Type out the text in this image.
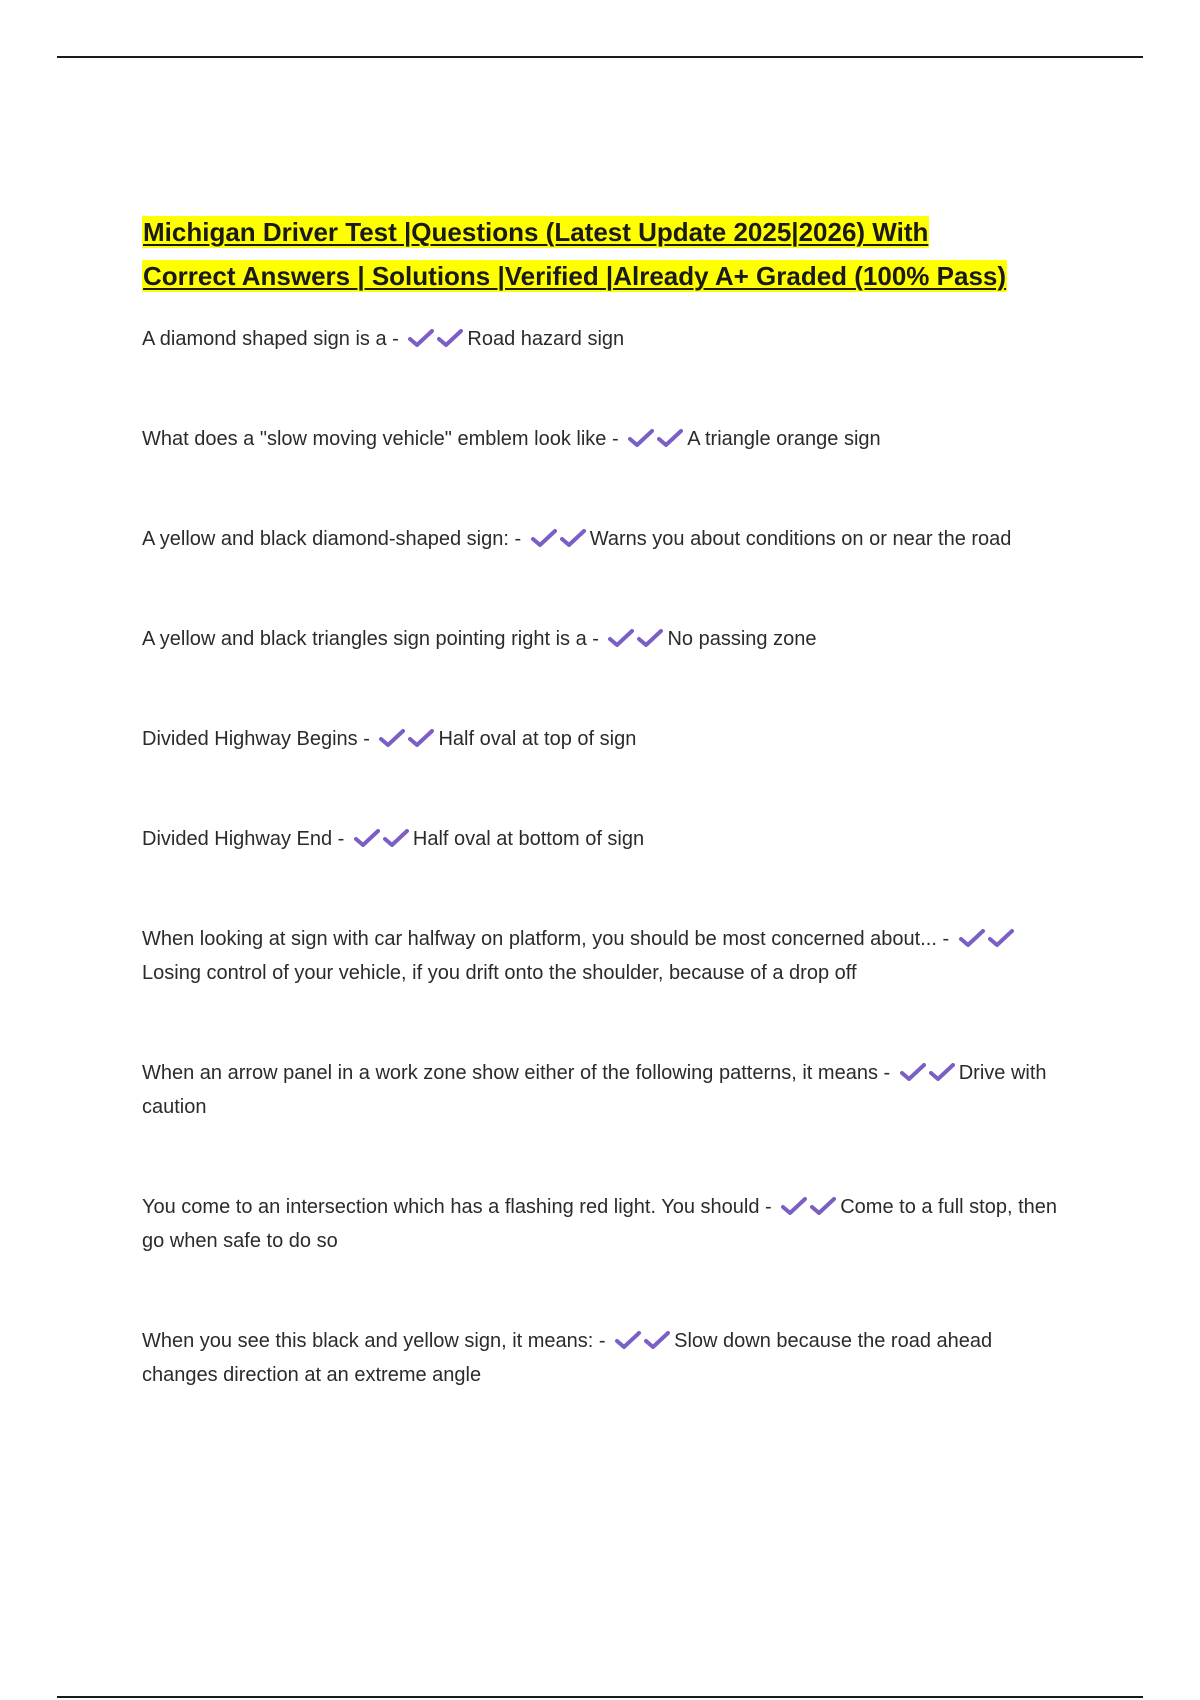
Michigan Driver Test |Questions (Latest Update 2025|2026) With
Correct Answers | Solutions |Verified |Already A+ Graded (100% Pass)

A diamond shaped sign is a -	Road hazard sign

What does a "slow moving vehicle" emblem look like -	A triangle orange sign

A yellow and black diamond-shaped sign: -	Warns you about conditions on or near the road

A yellow and black triangles sign pointing right is a -	No passing zone

Divided Highway Begins -	Half oval at top of sign

Divided Highway End -	Half oval at bottom of sign

When looking at sign with car halfway on platform, you should be most concerned about... - Losing control of your vehicle, if you drift onto the shoulder, because of a drop off

When an arrow panel in a work zone show either of the following patterns, it means -	Drive with caution

You come to an intersection which has a flashing red light. You should -	Come to a full stop, then go when safe to do so

When you see this black and yellow sign, it means: -	Slow down because the road ahead changes direction at an extreme angle
